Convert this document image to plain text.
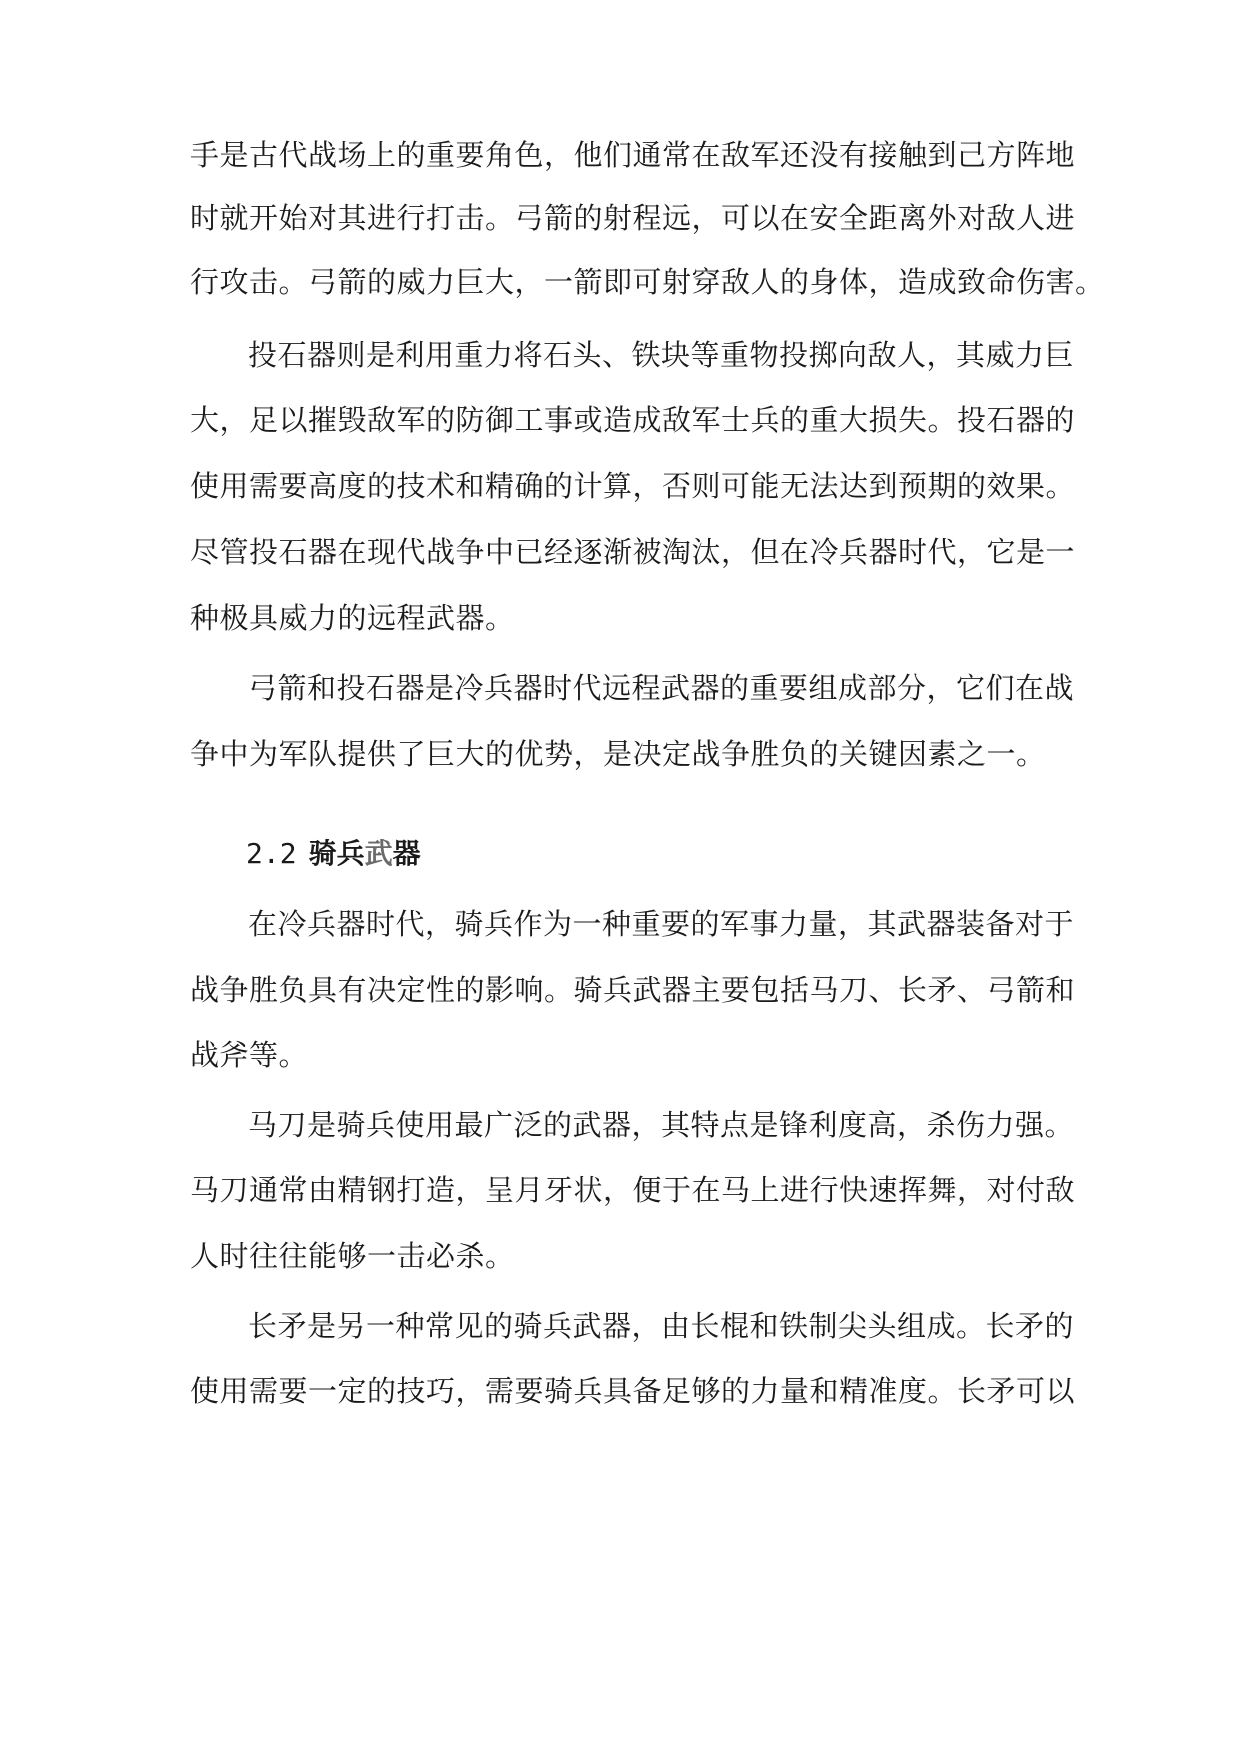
手是古代战场上的重要角色，他们通常在敌军还没有接触到己方阵地
时就开始对其进行打击。弓箭的射程远，可以在安全距离外对敌人进
行攻击。弓箭的威力巨大，一箭即可射穿敌人的身体，造成致命伤害。
投石器则是利用重力将石头、铁块等重物投掷向敌人，其威力巨
大，足以摧毁敌军的防御工事或造成敌军士兵的重大损失。投石器的
使用需要高度的技术和精确的计算，否则可能无法达到预期的效果。
尽管投石器在现代战争中已经逐渐被淘汰，但在冷兵器时代，它是一
种极具威力的远程武器。
弓箭和投石器是冷兵器时代远程武器的重要组成部分，它们在战
争中为军队提供了巨大的优势，是决定战争胜负的关键因素之一。
2.2 骑兵武器
在冷兵器时代，骑兵作为一种重要的军事力量，其武器装备对于
战争胜负具有决定性的影响。骑兵武器主要包括马刀、长矛、弓箭和
战斧等。
马刀是骑兵使用最广泛的武器，其特点是锋利度高，杀伤力强。
马刀通常由精钢打造，呈月牙状，便于在马上进行快速挥舞，对付敌
人时往往能够一击必杀。
长矛是另一种常见的骑兵武器，由长棍和铁制尖头组成。长矛的
使用需要一定的技巧，需要骑兵具备足够的力量和精准度。长矛可以
